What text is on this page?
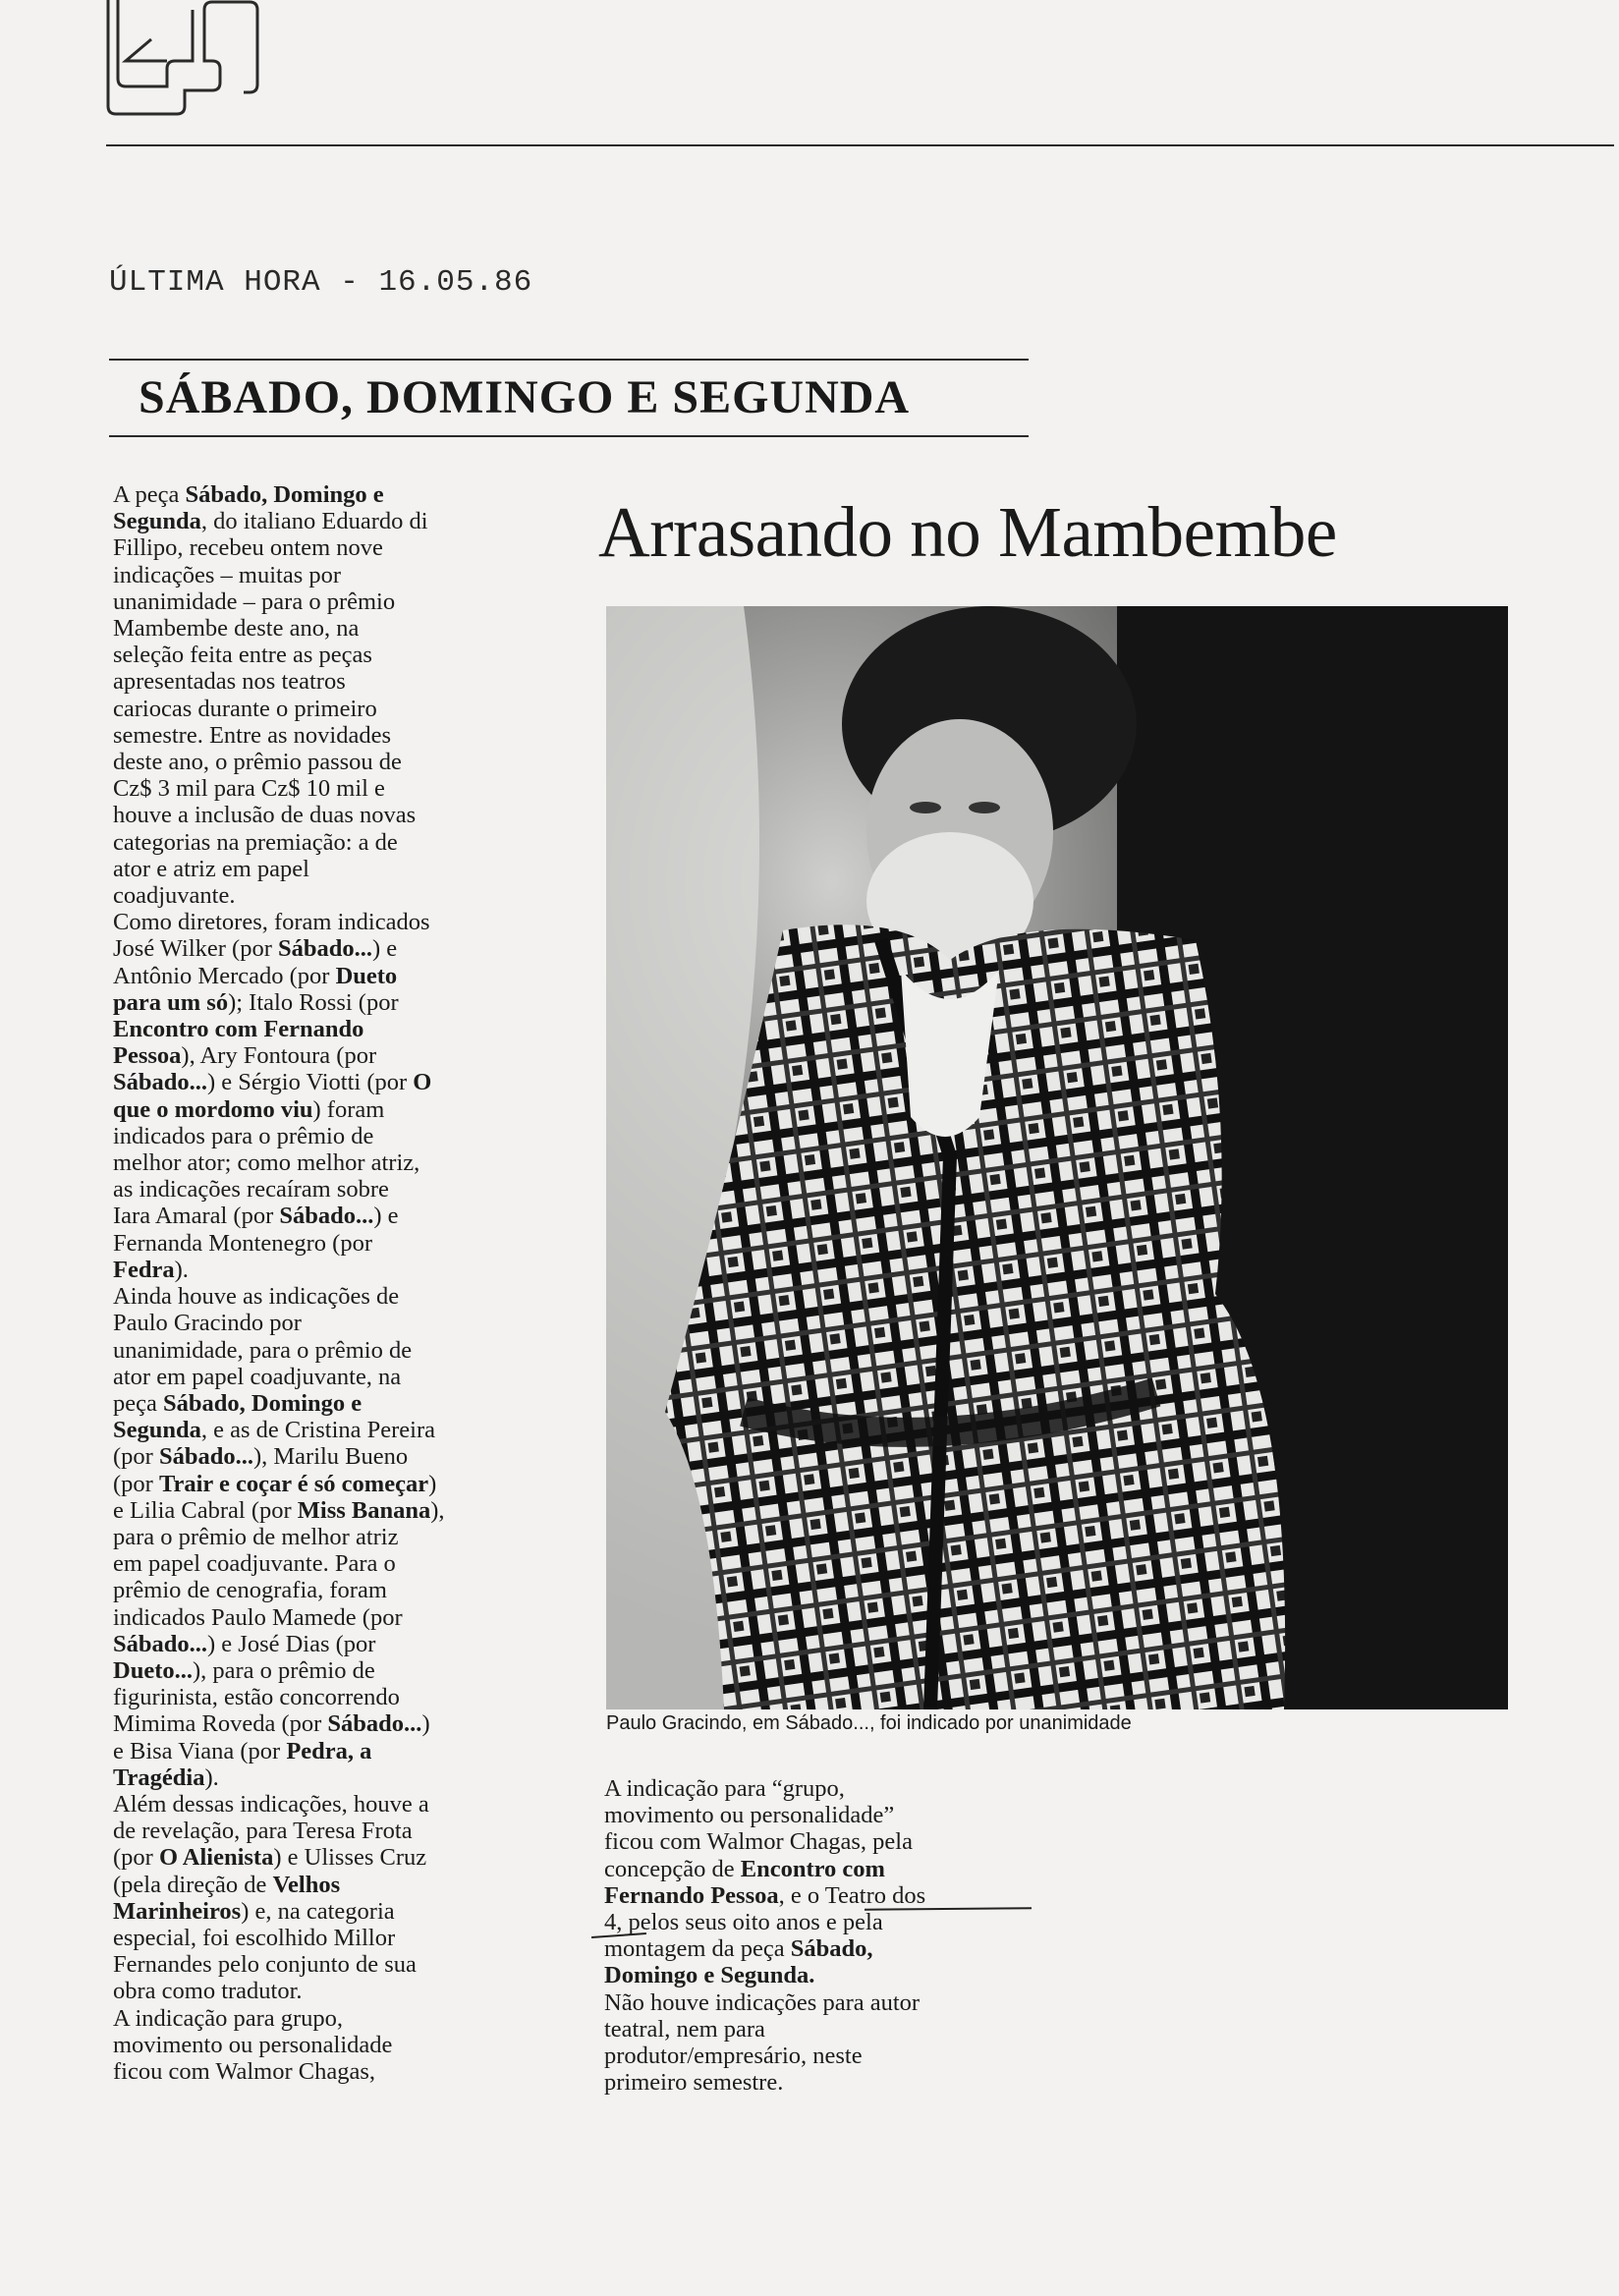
ÚLTIMA HORA - 16.05.86
SÁBADO, DOMINGO E SEGUNDA
A peça Sábado, Domingo e
Segunda, do italiano Eduardo di
Fillipo, recebeu ontem nove
indicações – muitas por
unanimidade – para o prêmio
Mambembe deste ano, na
seleção feita entre as peças
apresentadas nos teatros
cariocas durante o primeiro
semestre. Entre as novidades
deste ano, o prêmio passou de
Cz$ 3 mil para Cz$ 10 mil e
houve a inclusão de duas novas
categorias na premiação: a de
ator e atriz em papel
coadjuvante.
Como diretores, foram indicados
José Wilker (por Sábado...) e
Antônio Mercado (por Dueto
para um só); Italo Rossi (por
Encontro com Fernando
Pessoa), Ary Fontoura (por
Sábado...) e Sérgio Viotti (por O
que o mordomo viu) foram
indicados para o prêmio de
melhor ator; como melhor atriz,
as indicações recaíram sobre
Iara Amaral (por Sábado...) e
Fernanda Montenegro (por
Fedra).
Ainda houve as indicações de
Paulo Gracindo por
unanimidade, para o prêmio de
ator em papel coadjuvante, na
peça Sábado, Domingo e
Segunda, e as de Cristina Pereira
(por Sábado...), Marilu Bueno
(por Trair e coçar é só começar)
e Lilia Cabral (por Miss Banana),
para o prêmio de melhor atriz
em papel coadjuvante. Para o
prêmio de cenografia, foram
indicados Paulo Mamede (por
Sábado...) e José Dias (por
Dueto...), para o prêmio de
figurinista, estão concorrendo
Mimima Roveda (por Sábado...)
e Bisa Viana (por Pedra, a
Tragédia).
Além dessas indicações, houve a
de revelação, para Teresa Frota
(por O Alienista) e Ulisses Cruz
(pela direção de Velhos
Marinheiros) e, na categoria
especial, foi escolhido Millor
Fernandes pelo conjunto de sua
obra como tradutor.
A indicação para grupo,
movimento ou personalidade
ficou com Walmor Chagas,
Arrasando no Mambembe
Paulo Gracindo, em Sábado..., foi indicado por unanimidade
A indicação para “grupo,
movimento ou personalidade”
ficou com Walmor Chagas, pela
concepção de Encontro com
Fernando Pessoa, e o Teatro dos
4, pelos seus oito anos e pela
montagem da peça Sábado,
Domingo e Segunda.
Não houve indicações para autor
teatral, nem para
produtor/empresário, neste
primeiro semestre.
